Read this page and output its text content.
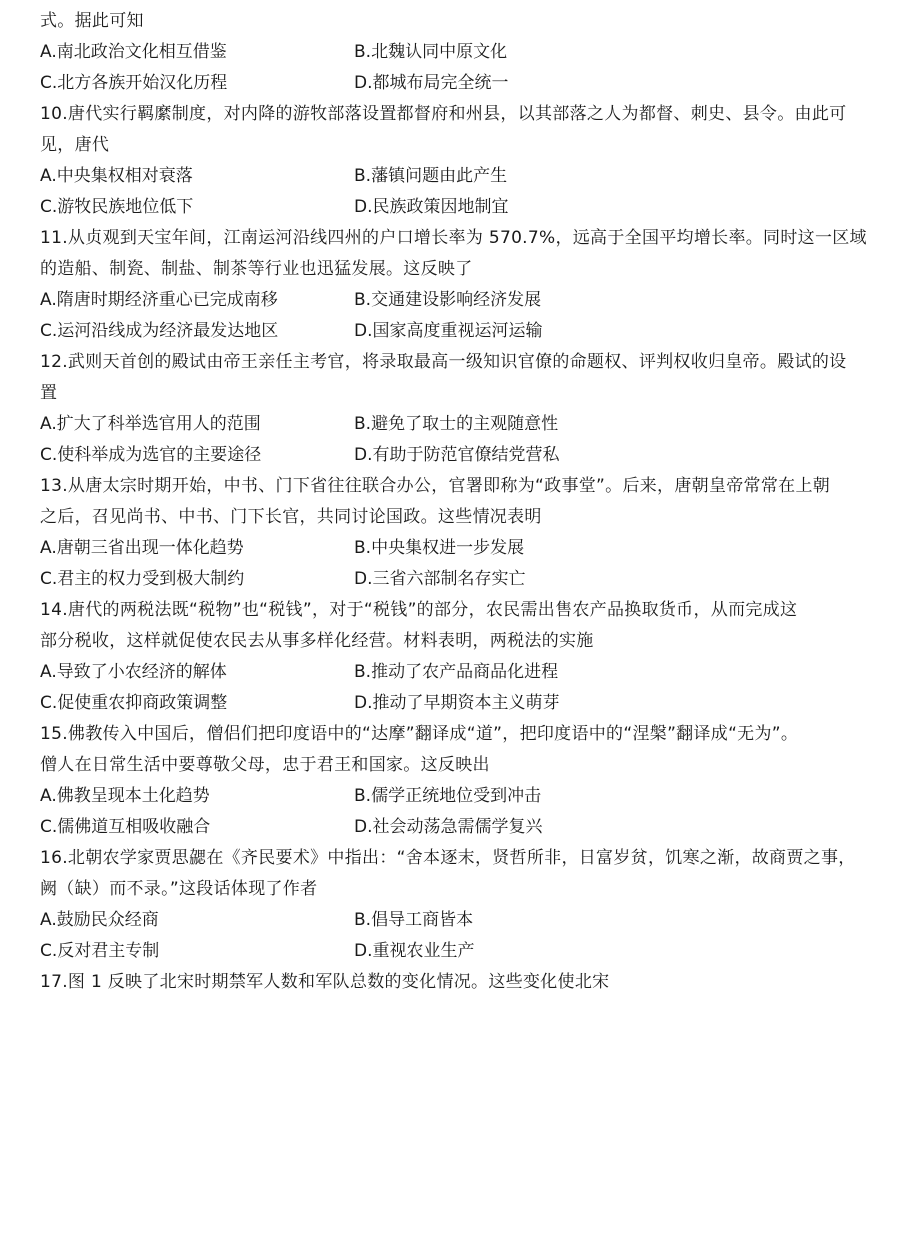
式。据此可知
A.南北政治文化相互借鉴	B.北魏认同中原文化
C.北方各族开始汉化历程	D.都城布局完全统一
10.唐代实行羁縻制度，对内降的游牧部落设置都督府和州县，以其部落之人为都督、刺史、县令。由此可
见，唐代
A.中央集权相对衰落	B.藩镇问题由此产生
C.游牧民族地位低下	D.民族政策因地制宜
11.从贞观到天宝年间，江南运河沿线四州的户口增长率为 570.7%，远高于全国平均增长率。同时这一区域
的造船、制瓷、制盐、制茶等行业也迅猛发展。这反映了
A.隋唐时期经济重心已完成南移	B.交通建设影响经济发展
C.运河沿线成为经济最发达地区	D.国家高度重视运河运输
12.武则天首创的殿试由帝王亲任主考官，将录取最高一级知识官僚的命题权、评判权收归皇帝。殿试的设
置
A.扩大了科举选官用人的范围	B.避免了取士的主观随意性
C.使科举成为选官的主要途径	D.有助于防范官僚结党营私
13.从唐太宗时期开始，中书、门下省往往联合办公，官署即称为“政事堂”。后来，唐朝皇帝常常在上朝
之后，召见尚书、中书、门下长官，共同讨论国政。这些情况表明
A.唐朝三省出现一体化趋势	B.中央集权进一步发展
C.君主的权力受到极大制约	D.三省六部制名存实亡
14.唐代的两税法既“税物”也“税钱”，对于“税钱”的部分，农民需出售农产品换取货币，从而完成这
部分税收，这样就促使农民去从事多样化经营。材料表明，两税法的实施
A.导致了小农经济的解体	B.推动了农产品商品化进程
C.促使重农抑商政策调整	D.推动了早期资本主义萌芽
15.佛教传入中国后，僧侣们把印度语中的“达摩”翻译成“道”，把印度语中的“涅槃”翻译成“无为”。
僧人在日常生活中要尊敬父母，忠于君王和国家。这反映出
A.佛教呈现本土化趋势	B.儒学正统地位受到冲击
C.儒佛道互相吸收融合	D.社会动荡急需儒学复兴
16.北朝农学家贾思勰在《齐民要术》中指出：“舍本逐末，贤哲所非，日富岁贫，饥寒之渐，故商贾之事，
阙（缺）而不录。”这段话体现了作者
A.鼓励民众经商	B.倡导工商皆本
C.反对君主专制	D.重视农业生产
17.图 1 反映了北宋时期禁军人数和军队总数的变化情况。这些变化使北宋
